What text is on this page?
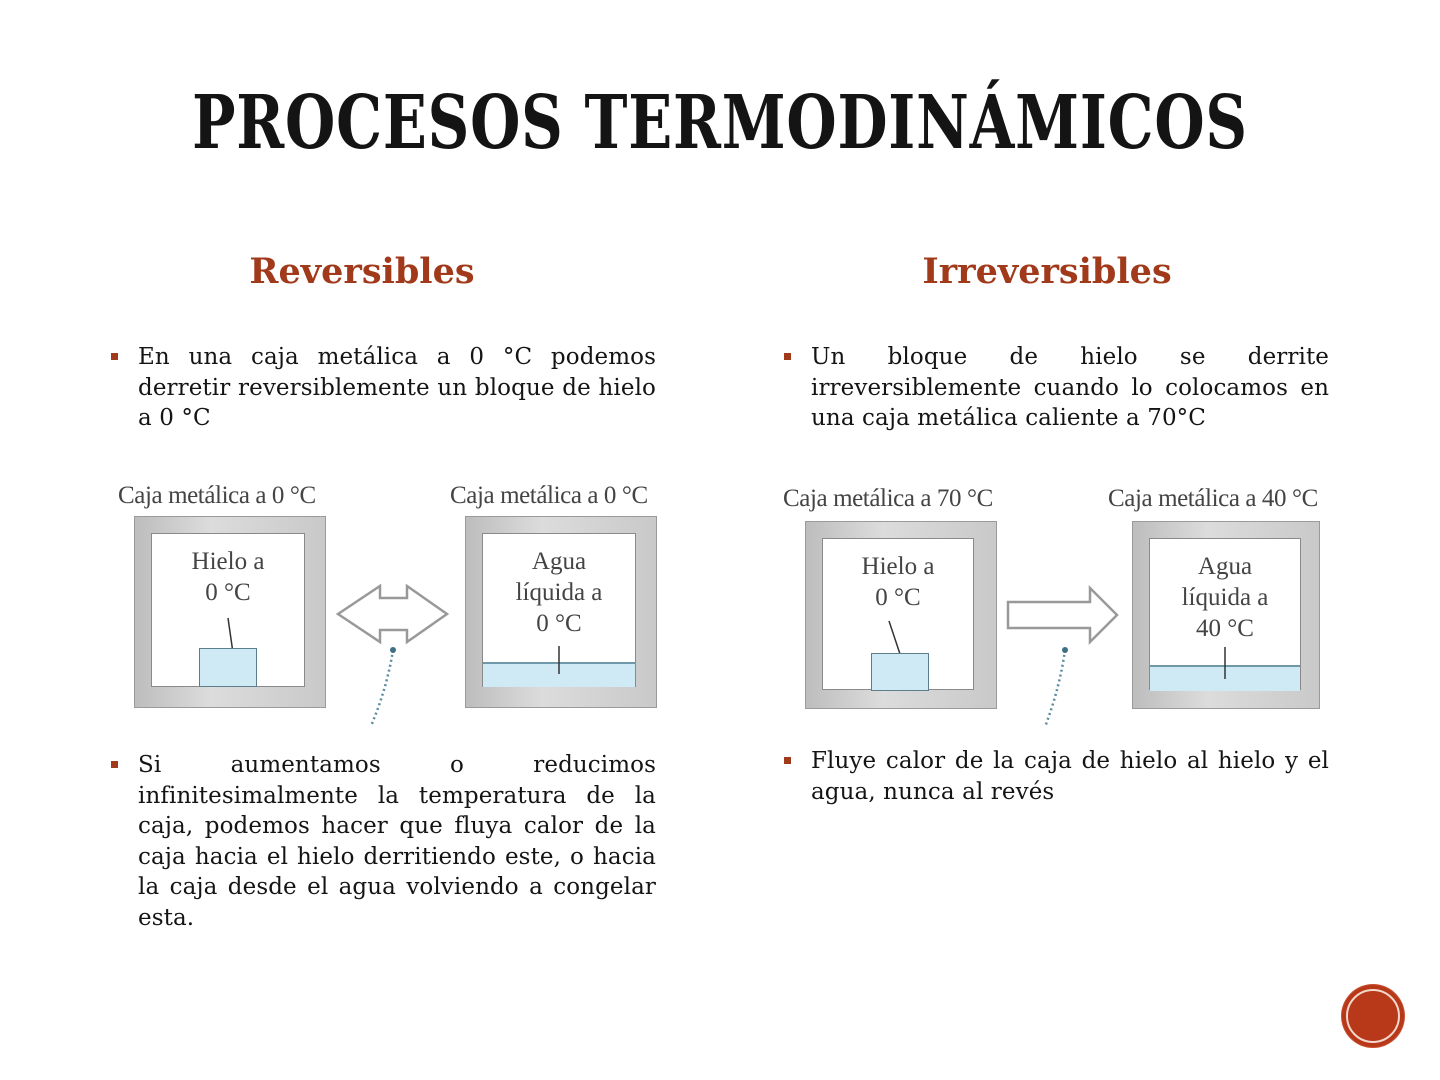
PROCESOS TERMODINÁMICOS
Reversibles
En una caja metálica a 0 °C podemos derretir reversiblemente un bloque de hielo a 0 °C
Caja metálica a 0 °C
Hielo a
0 °C
Caja metálica a 0 °C
Agua
líquida a
0 °C
Si aumentamos o reducimos infinitesimalmente la temperatura de la caja, podemos hacer que fluya calor de la caja hacia el hielo derritiendo este, o hacia la caja desde el agua volviendo a congelar esta.
Irreversibles
Un bloque de hielo se derrite irreversiblemente cuando lo colocamos en una caja metálica caliente a 70°C
Caja metálica a 70 °C
Hielo a
0 °C
Caja metálica a 40 °C
Agua
líquida a
40 °C
Fluye calor de la caja de hielo al hielo y el agua, nunca al revés
